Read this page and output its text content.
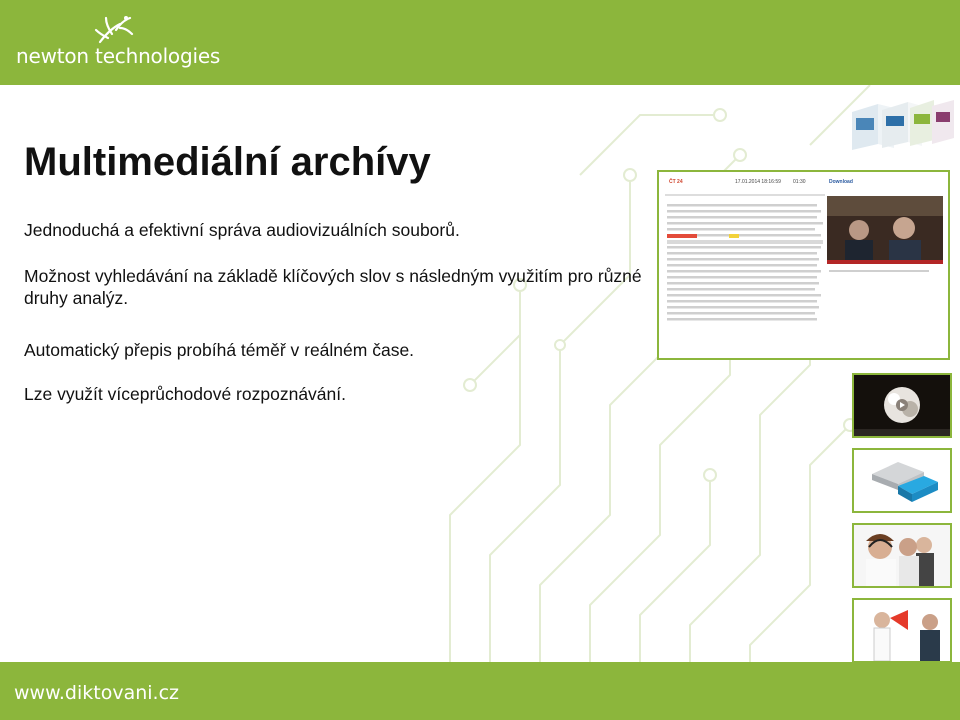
newton technologies
Multimediální archívy

Jednoduchá a efektivní správa audiovizuálních souborů.

Možnost vyhledávání na základě klíčových slov s následným využitím pro různé druhy analýz.

Automatický přepis probíhá téměř v reálném čase.

Lze využít víceprůchodové rozpoznávání.

ČT 24	17.01.2014 18:16:59 01:30	Download
www.diktovani.cz
